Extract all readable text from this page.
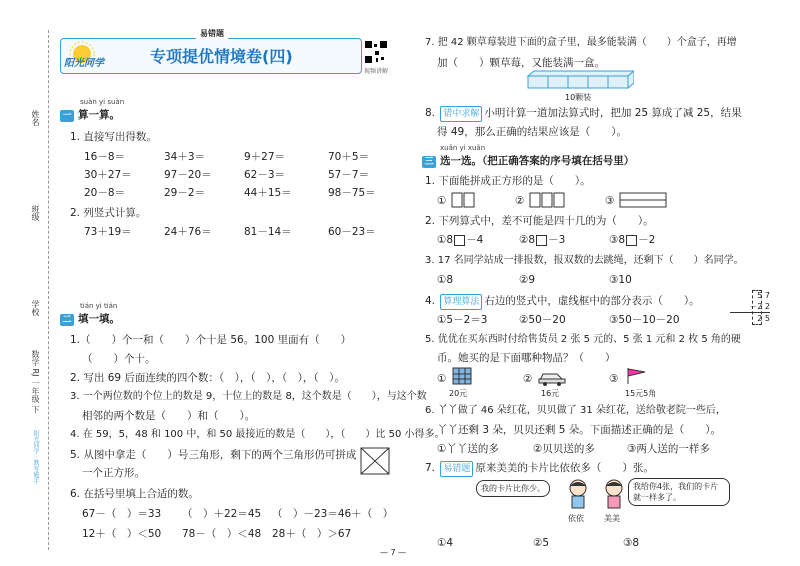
姓名
班级
学校
数学 RJ 一年级 下
阳光同学 · 默写能手
易错题
阳光同学	专项提优情境卷(四)
视频讲解
suàn yi suàn
一 算一算。
1. 直接写出得数。
16－8＝	34＋3＝	9＋27＝	70＋5＝
30＋27＝	97－20＝	62－3＝	57－7＝
20－8＝	29－2＝	44＋15＝	98－75＝
2. 列竖式计算。
73＋19＝	24＋76＝	81－14＝	60－23＝
tián yi tián
二 填一填。
1.（　　）个一和（　　）个十是 56。100 里面有（　　）
（　　）个十。
2. 写出 69 后面连续的四个数：（　），（　），（　），（　）。
3. 一个两位数的个位上的数是 9，十位上的数是 8，这个数是（　　），与这个数
相邻的两个数是（　　）和（　　）。
4. 在 59，5，48 和 100 中，和 50 最接近的数是（　　），（　　）比 50 小得多。
5. 从图中拿走（　　）号三角形，剩下的两个三角形仍可拼成
一个正方形。
6. 在括号里填上合适的数。
67－（　）＝33 （　）＋22＝45 （　）－23＝46＋（　）
12＋（　）＜50 78－（　）＜48 28＋（　）＞67
7. 把 42 颗草莓装进下面的盒子里，最多能装满（　　）个盒子，再增
加（　　）颗草莓，又能装满一盒。
10颗装
8. 错中求解 小明计算一道加法算式时，把加 25 算成了减 25，结果
得 49，那么正确的结果应该是（　　）。
xuǎn yi xuǎn
三 选一选。（把正确答案的序号填在括号里）
1. 下面能拼成正方形的是（　　）。
①	②	③
2. 下列算式中，差不可能是四十几的为（　　）。
①8 －4	②8 －3	③8 －2
3. 17 名同学站成一排报数，报双数的去跳绳，还剩下（　　）名同学。
①8	②9	③10
4. 算理算法 右边的竖式中，虚线框中的部分表示（　　）。
①5－2＝3	②50－20	③50－10－20
5 7
－2 2
2 5
5. 优优在买东西时付给售货员 2 张 5 元的、5 张 1 元和 2 枚 5 角的硬
币。她买的是下面哪种物品？（　　）
①
20元
②
16元
③
15元5角
6. 丫丫做了 46 朵红花，贝贝做了 31 朵红花，送给敬老院一些后，
丫丫还剩 3 朵，贝贝还剩 5 朵。下面描述正确的是（　　）。
①丫丫送的多	②贝贝送的多	③两人送的一样多
7. 易错题 原来美美的卡片比依依多（　　）张。
我的卡片比你少。
依依	美美
我给你4张，我们的卡片就一样多了。
①4	②5	③8
— 7 —
